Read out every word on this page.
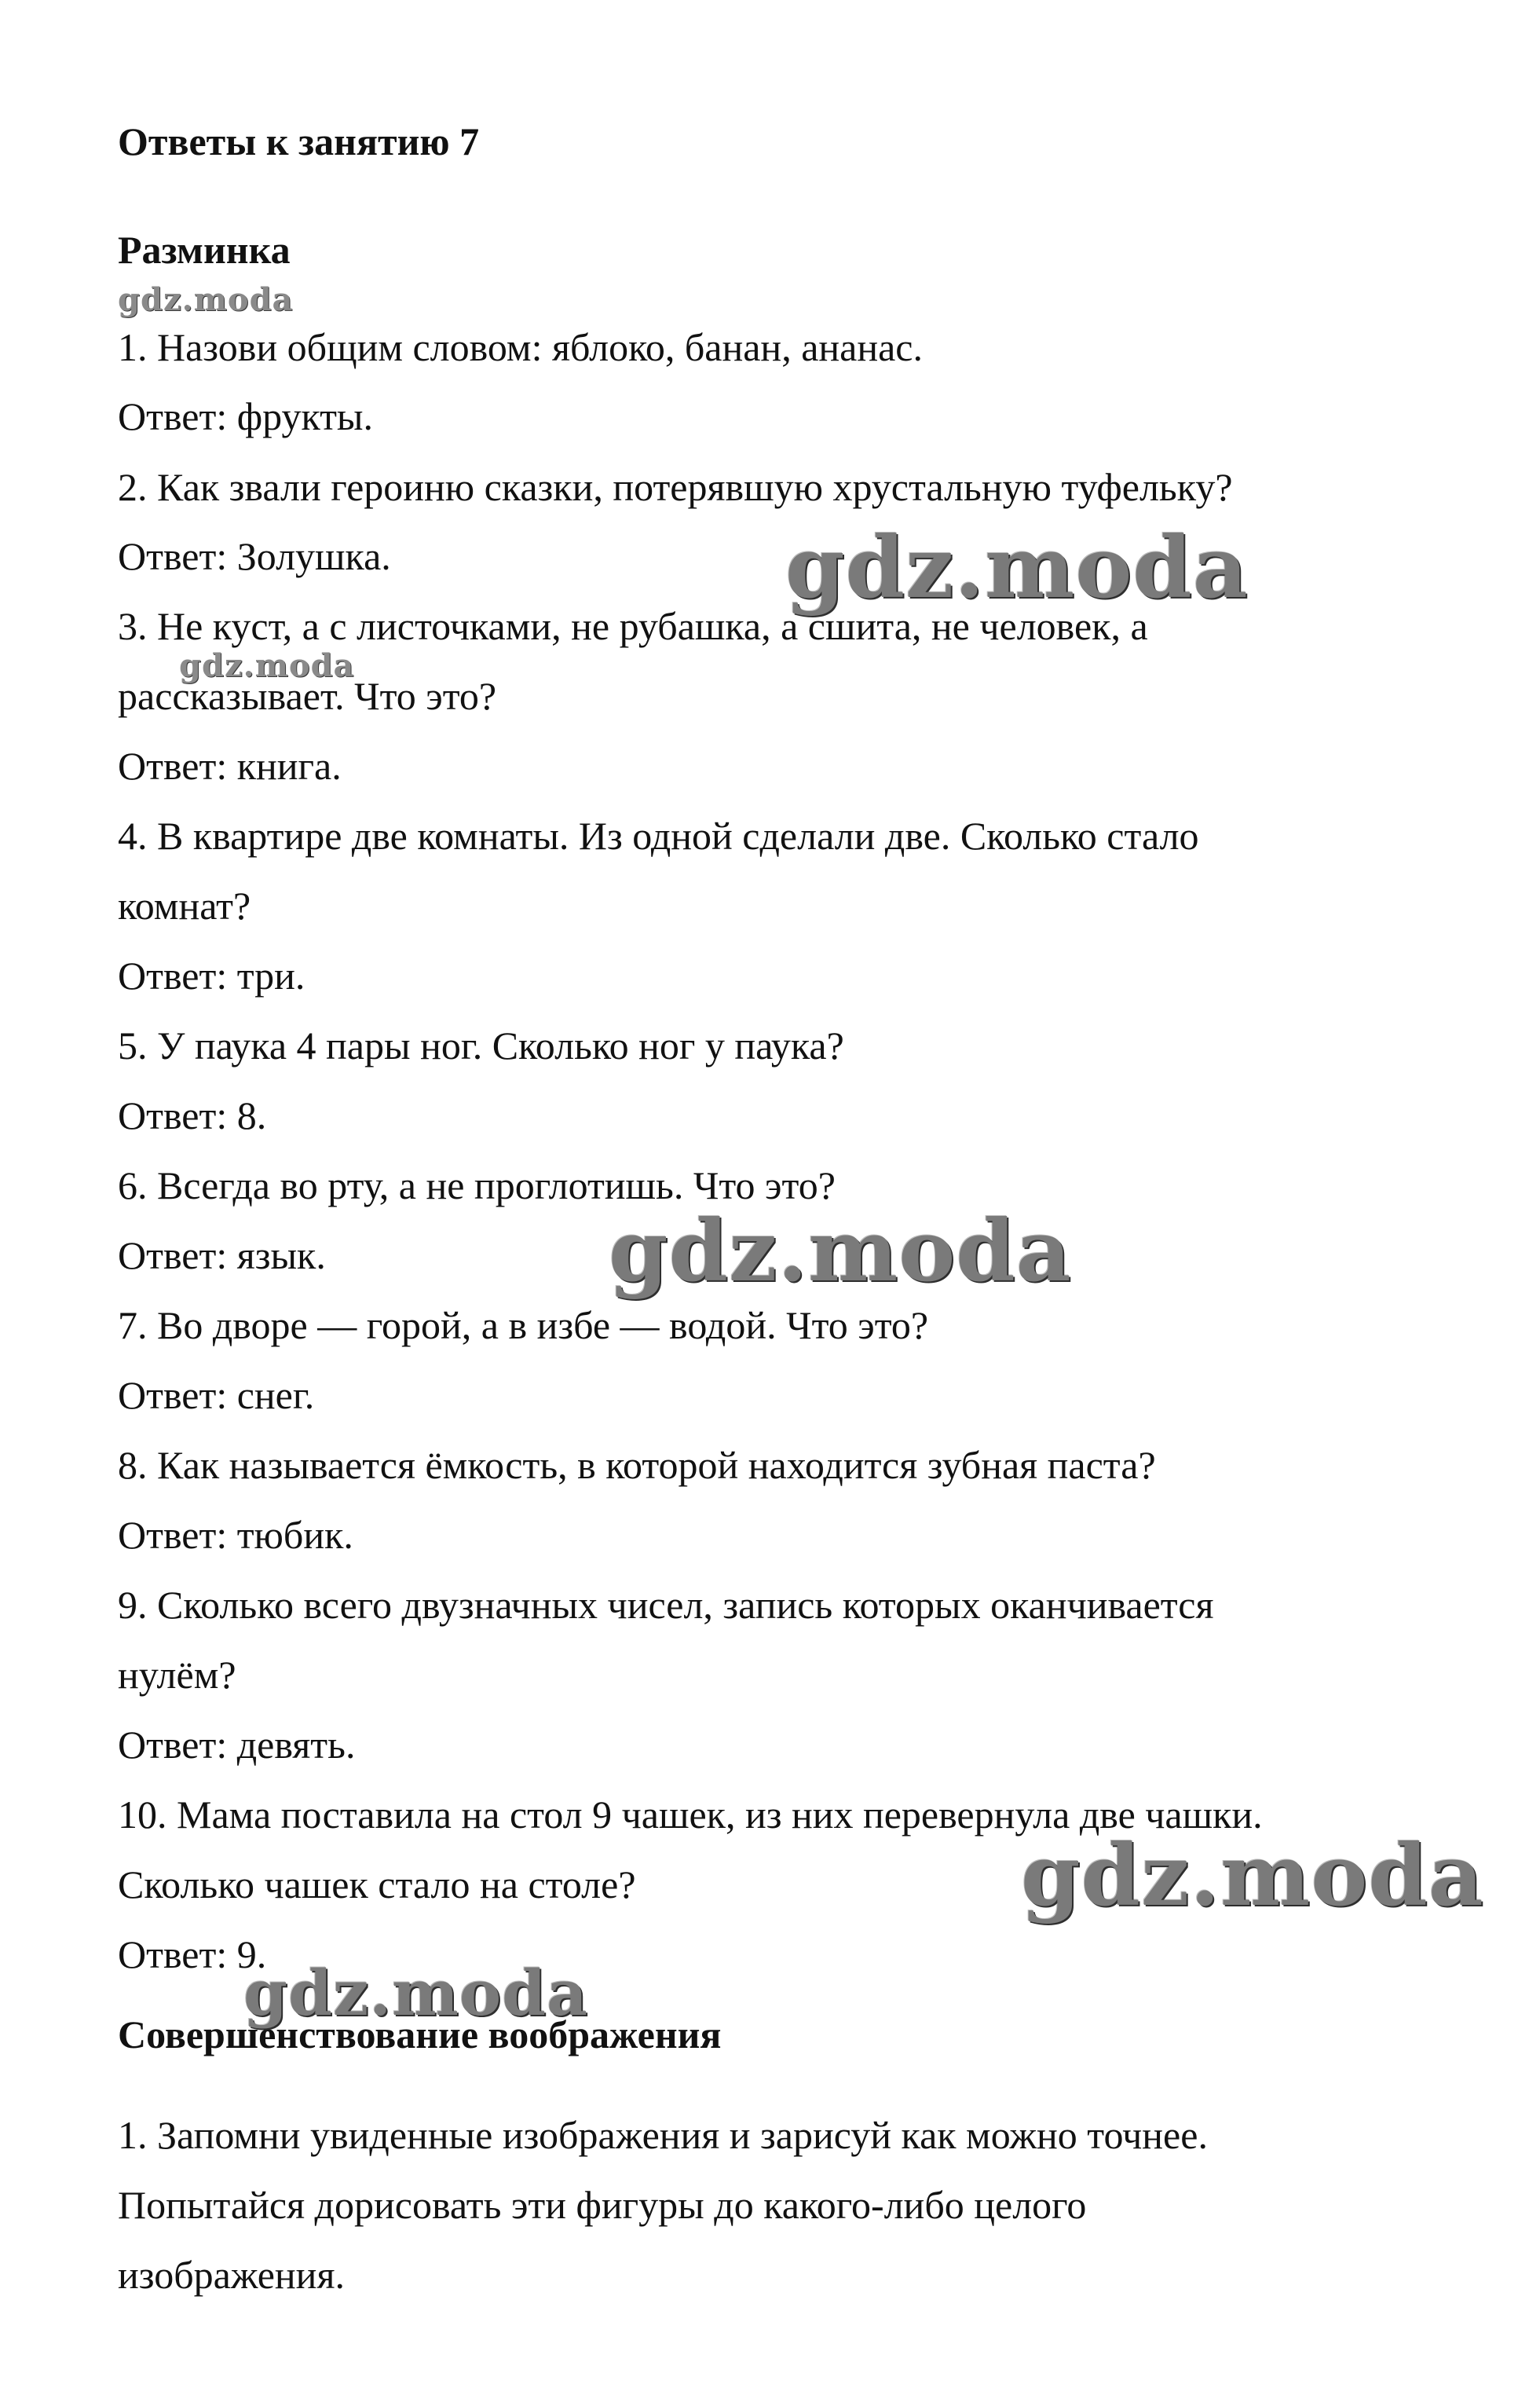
Ответы к занятию 7
Разминка
1. Назови общим словом: яблоко, банан, ананас.
Ответ: фрукты.
2. Как звали героиню сказки, потерявшую хрустальную туфельку?
Ответ: Золушка.
3. Не куст, а с листочками, не рубашка, а сшита, не человек, а
рассказывает. Что это?
Ответ: книга.
4. В квартире две комнаты. Из одной сделали две. Сколько стало
комнат?
Ответ: три.
5. У паука 4 пары ног. Сколько ног у паука?
Ответ: 8.
6. Всегда во рту, а не проглотишь. Что это?
Ответ: язык.
7. Во дворе — горой, а в избе — водой. Что это?
Ответ: снег.
8. Как называется ёмкость, в которой находится зубная паста?
Ответ: тюбик.
9. Сколько всего двузначных чисел, запись которых оканчивается
нулём?
Ответ: девять.
10. Мама поставила на стол 9 чашек, из них перевернула две чашки.
Сколько чашек стало на столе?
Ответ: 9.
Совершенствование воображения
1. Запомни увиденные изображения и зарисуй как можно точнее.
Попытайся дорисовать эти фигуры до какого-либо целого
изображения.
gdz.moda
gdz.moda
gdz.moda
gdz.moda
gdz.moda
gdz.moda
